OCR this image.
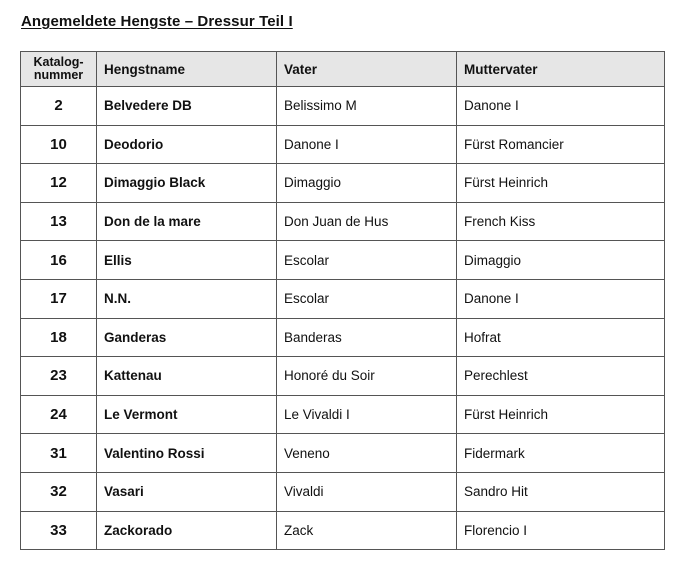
Angemeldete Hengste – Dressur Teil I
Katalog-
nummer	Hengstname	Vater	Muttervater
2	Belvedere DB	Belissimo M	Danone I
10	Deodorio	Danone I	Fürst Romancier
12	Dimaggio Black	Dimaggio	Fürst Heinrich
13	Don de la mare	Don Juan de Hus	French Kiss
16	Ellis	Escolar	Dimaggio
17	N.N.	Escolar	Danone I
18	Ganderas	Banderas	Hofrat
23	Kattenau	Honoré du Soir	Perechlest
24	Le Vermont	Le Vivaldi I	Fürst Heinrich
31	Valentino Rossi	Veneno	Fidermark
32	Vasari	Vivaldi	Sandro Hit
33	Zackorado	Zack	Florencio I
